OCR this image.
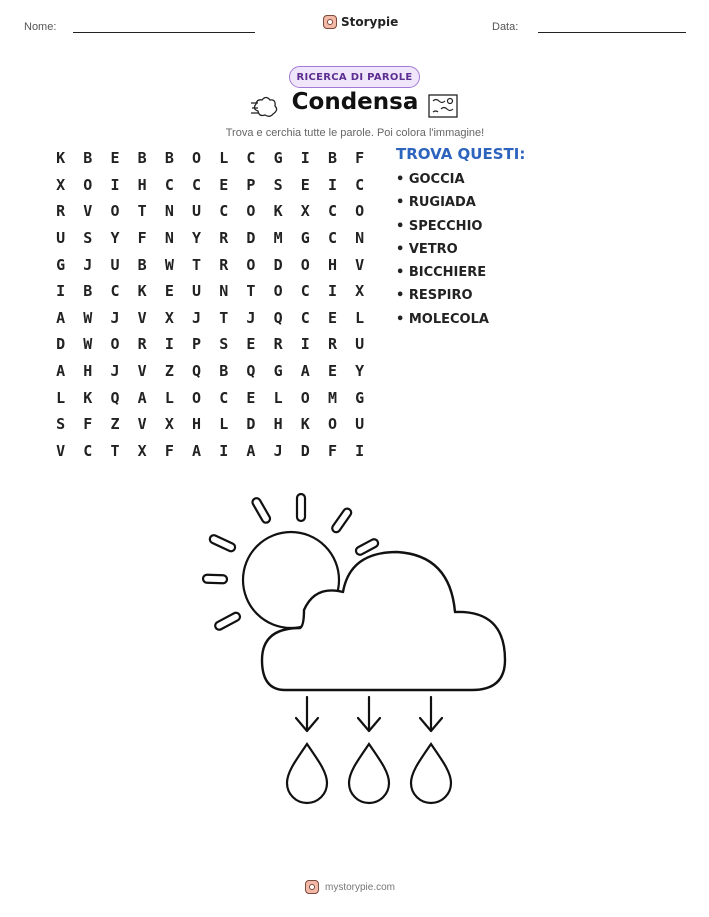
Nome:	Storypie	Data:
RICERCA DI PAROLE
Condensa
Trova e cerchia tutte le parole. Poi colora l'immagine!
K	B	E	B	B	O	L	C	G	I	B	F
X	O	I	H	C	C	E	P	S	E	I	C
R	V	O	T	N	U	C	O	K	X	C	O
U	S	Y	F	N	Y	R	D	M	G	C	N
G	J	U	B	W	T	R	O	D	O	H	V
I	B	C	K	E	U	N	T	O	C	I	X
A	W	J	V	X	J	T	J	Q	C	E	L
D	W	O	R	I	P	S	E	R	I	R	U
A	H	J	V	Z	Q	B	Q	G	A	E	Y
L	K	Q	A	L	O	C	E	L	O	M	G
S	F	Z	V	X	H	L	D	H	K	O	U
V	C	T	X	F	A	I	A	J	D	F	I
TROVA QUESTI:
• GOCCIA
• RUGIADA
• SPECCHIO
• VETRO
• BICCHIERE
• RESPIRO
• MOLECOLA
mystorypie.com
